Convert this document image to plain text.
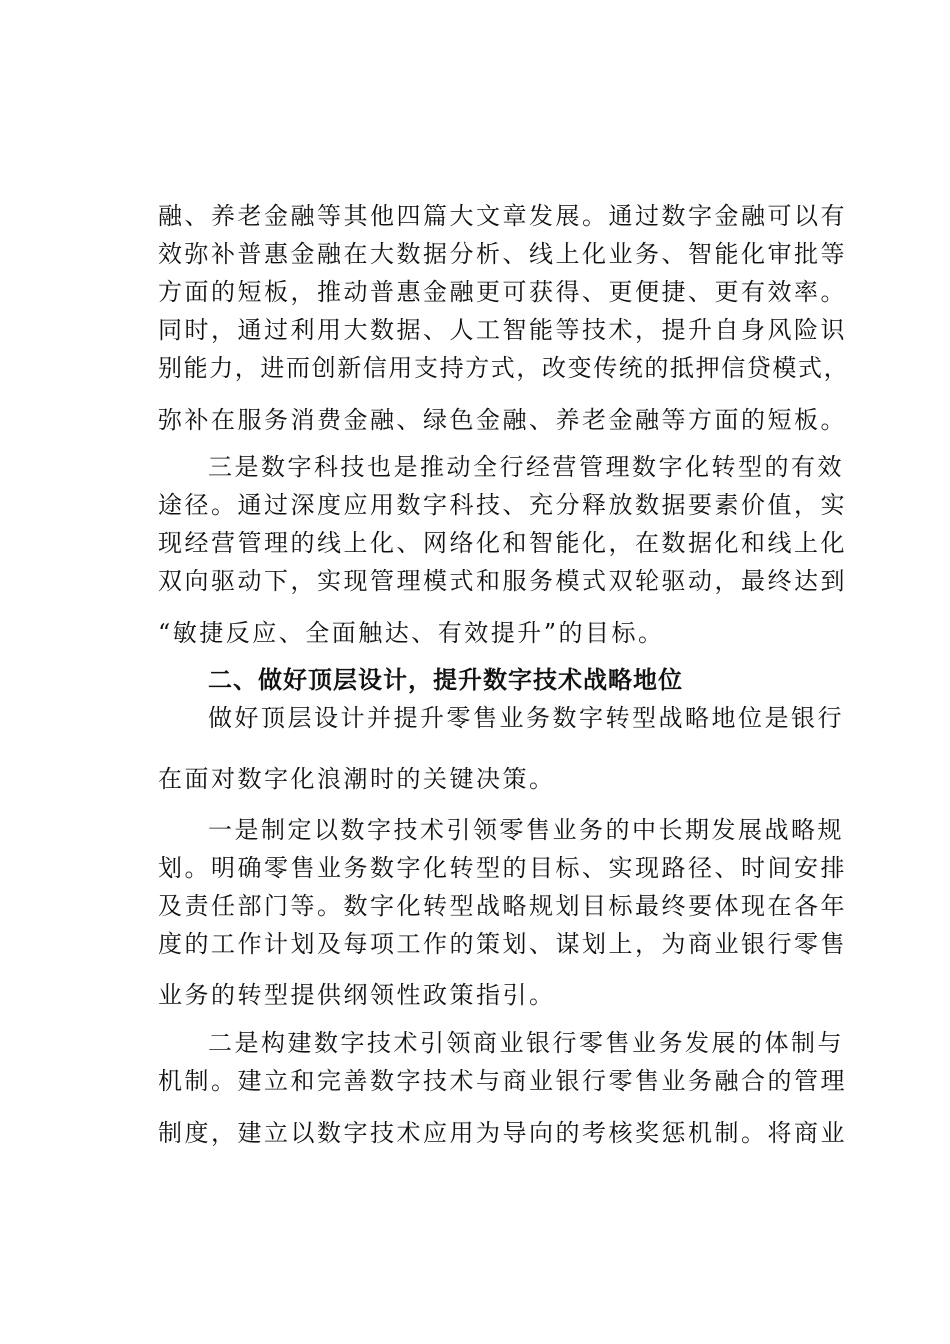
融、养老金融等其他四篇大文章发展。通过数字金融可以有
效弥补普惠金融在大数据分析、线上化业务、智能化审批等
方面的短板，推动普惠金融更可获得、更便捷、更有效率。
同时，通过利用大数据、人工智能等技术，提升自身风险识
别能力，进而创新信用支持方式，改变传统的抵押信贷模式，
弥补在服务消费金融、绿色金融、养老金融等方面的短板。
三是数字科技也是推动全行经营管理数字化转型的有效
途径。通过深度应用数字科技、充分释放数据要素价值，实
现经营管理的线上化、网络化和智能化，在数据化和线上化
双向驱动下，实现管理模式和服务模式双轮驱动，最终达到
“敏捷反应、全面触达、有效提升”的目标。
二、做好顶层设计，提升数字技术战略地位
做好顶层设计并提升零售业务数字转型战略地位是银行
在面对数字化浪潮时的关键决策。
一是制定以数字技术引领零售业务的中长期发展战略规
划。明确零售业务数字化转型的目标、实现路径、时间安排
及责任部门等。数字化转型战略规划目标最终要体现在各年
度的工作计划及每项工作的策划、谋划上，为商业银行零售
业务的转型提供纲领性政策指引。
二是构建数字技术引领商业银行零售业务发展的体制与
机制。建立和完善数字技术与商业银行零售业务融合的管理
制度，建立以数字技术应用为导向的考核奖惩机制。将商业
